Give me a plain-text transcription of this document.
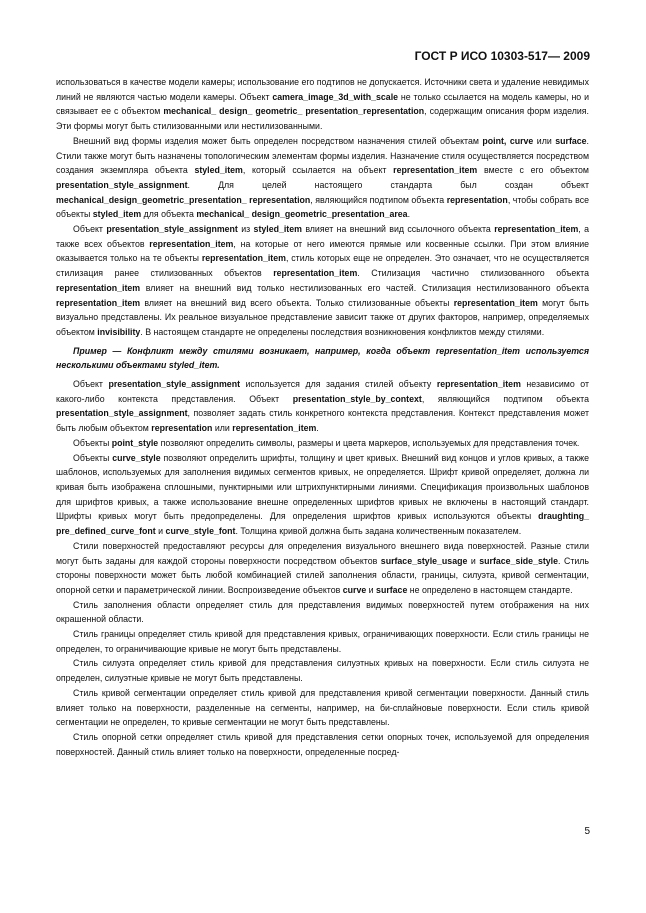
ГОСТ Р ИСО 10303-517— 2009

использоваться в качестве модели камеры; использование его подтипов не допускается. Источники света и удаление невидимых линий не являются частью модели камеры. Объект camera_image_3d_with_scale не только ссылается на модель камеры, но и связывает ее с объектом mechanical_ design_ geometric_ presentation_representation, содержащим описания форм изделия. Эти формы могут быть стилизованными или нестилизованными.

Внешний вид формы изделия может быть определен посредством назначения стилей объектам point, curve или surface. Стили также могут быть назначены топологическим элементам формы изделия. Назначение стиля осуществляется посредством создания экземпляра объекта styled_item, который ссылается на объект representation_item вместе с его объектом presentation_style_assignment. Для целей настоящего стандарта был создан объект mechanical_design_geometric_presentation_ representation, являющийся подтипом объекта representation, чтобы собрать все объекты styled_item для объекта mechanical_ design_geometric_presentation_area.

Объект presentation_style_assignment из styled_item влияет на внешний вид ссылочного объекта representation_item, а также всех объектов representation_item, на которые от него имеются прямые или косвенные ссылки. При этом влияние оказывается только на те объекты representation_item, стиль которых еще не определен. Это означает, что не осуществляется стилизация ранее стилизованных объектов representation_item. Стилизация частично стилизованного объекта representation_item влияет на внешний вид только нестилизованных его частей. Стилизация нестилизованного объекта representation_item влияет на внешний вид всего объекта. Только стилизованные объекты representation_item могут быть визуально представлены. Их реальное визуальное представление зависит также от других факторов, например, определяемых объектом invisibility. В настоящем стандарте не определены последствия возникновения конфликтов между стилями.

Пример — Конфликт между стилями возникает, например, когда объект representation_item используется несколькими объектами styled_item.

Объект presentation_style_assignment используется для задания стилей объекту representation_item независимо от какого-либо контекста представления. Объект presentation_style_by_context, являющийся подтипом объекта presentation_style_assignment, позволяет задать стиль конкретного контекста представления. Контекст представления может быть любым объектом representation или representation_item.

Объекты point_style позволяют определить символы, размеры и цвета маркеров, используемых для представления точек.

Объекты curve_style позволяют определить шрифты, толщину и цвет кривых. Внешний вид концов и углов кривых, а также шаблонов, используемых для заполнения видимых сегментов кривых, не определяется. Шрифт кривой определяет, должна ли кривая быть изображена сплошными, пунктирными или штрихпунктирными линиями. Спецификация произвольных шаблонов для шрифтов кривых, а также использование внешне определенных шрифтов кривых не включены в настоящий стандарт. Шрифты кривых могут быть предопределены. Для определения шрифтов кривых используются объекты draughting_ pre_defined_curve_font и curve_style_font. Толщина кривой должна быть задана количественным показателем.

Стили поверхностей предоставляют ресурсы для определения визуального внешнего вида поверхностей. Разные стили могут быть заданы для каждой стороны поверхности посредством объектов surface_style_usage и surface_side_style. Стиль стороны поверхности может быть любой комбинацией стилей заполнения области, границы, силуэта, кривой сегментации, опорной сетки и параметрической линии. Воспроизведение объектов curve и surface не определено в настоящем стандарте.

Стиль заполнения области определяет стиль для представления видимых поверхностей путем отображения на них окрашенной области.

Стиль границы определяет стиль кривой для представления кривых, ограничивающих поверхности. Если стиль границы не определен, то ограничивающие кривые не могут быть представлены.

Стиль силуэта определяет стиль кривой для представления силуэтных кривых на поверхности. Если стиль силуэта не определен, силуэтные кривые не могут быть представлены.

Стиль кривой сегментации определяет стиль кривой для представления кривой сегментации поверхности. Данный стиль влияет только на поверхности, разделенные на сегменты, например, на би-сплайновые поверхности. Если стиль кривой сегментации не определен, то кривые сегментации не могут быть представлены.

Стиль опорной сетки определяет стиль кривой для представления сетки опорных точек, используемой для определения поверхностей. Данный стиль влияет только на поверхности, определенные посред-

5
